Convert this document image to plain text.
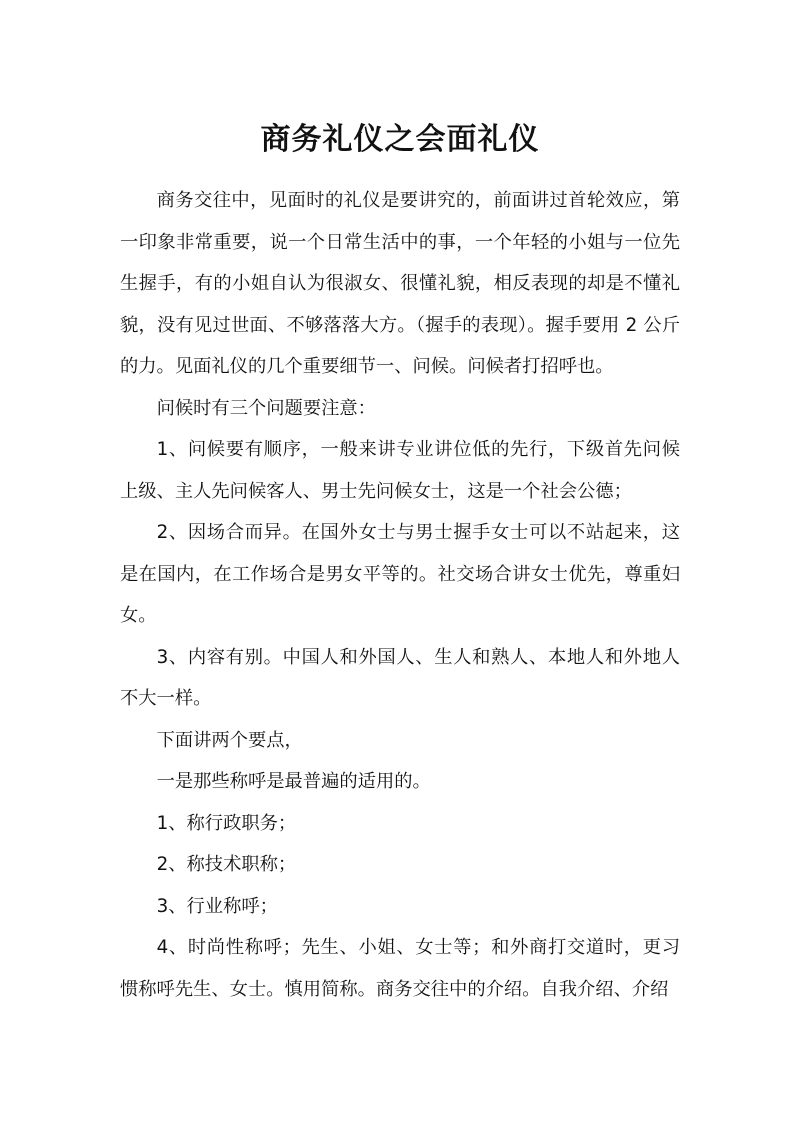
商务礼仪之会面礼仪

商务交往中，见面时的礼仪是要讲究的，前面讲过首轮效应，第一印象非常重要，说一个日常生活中的事，一个年轻的小姐与一位先生握手，有的小姐自认为很淑女、很懂礼貌，相反表现的却是不懂礼貌，没有见过世面、不够落落大方。（握手的表现）。握手要用 2 公斤的力。见面礼仪的几个重要细节一、问候。问候者打招呼也。

问候时有三个问题要注意：

1、问候要有顺序，一般来讲专业讲位低的先行，下级首先问候上级、主人先问候客人、男士先问候女士，这是一个社会公德；

2、因场合而异。在国外女士与男士握手女士可以不站起来，这是在国内，在工作场合是男女平等的。社交场合讲女士优先，尊重妇女。

3、内容有别。中国人和外国人、生人和熟人、本地人和外地人不大一样。

下面讲两个要点，

一是那些称呼是最普遍的适用的。

1、称行政职务；

2、称技术职称；

3、行业称呼；

4、时尚性称呼；先生、小姐、女士等；和外商打交道时，更习惯称呼先生、女士。慎用简称。商务交往中的介绍。自我介绍、介绍
